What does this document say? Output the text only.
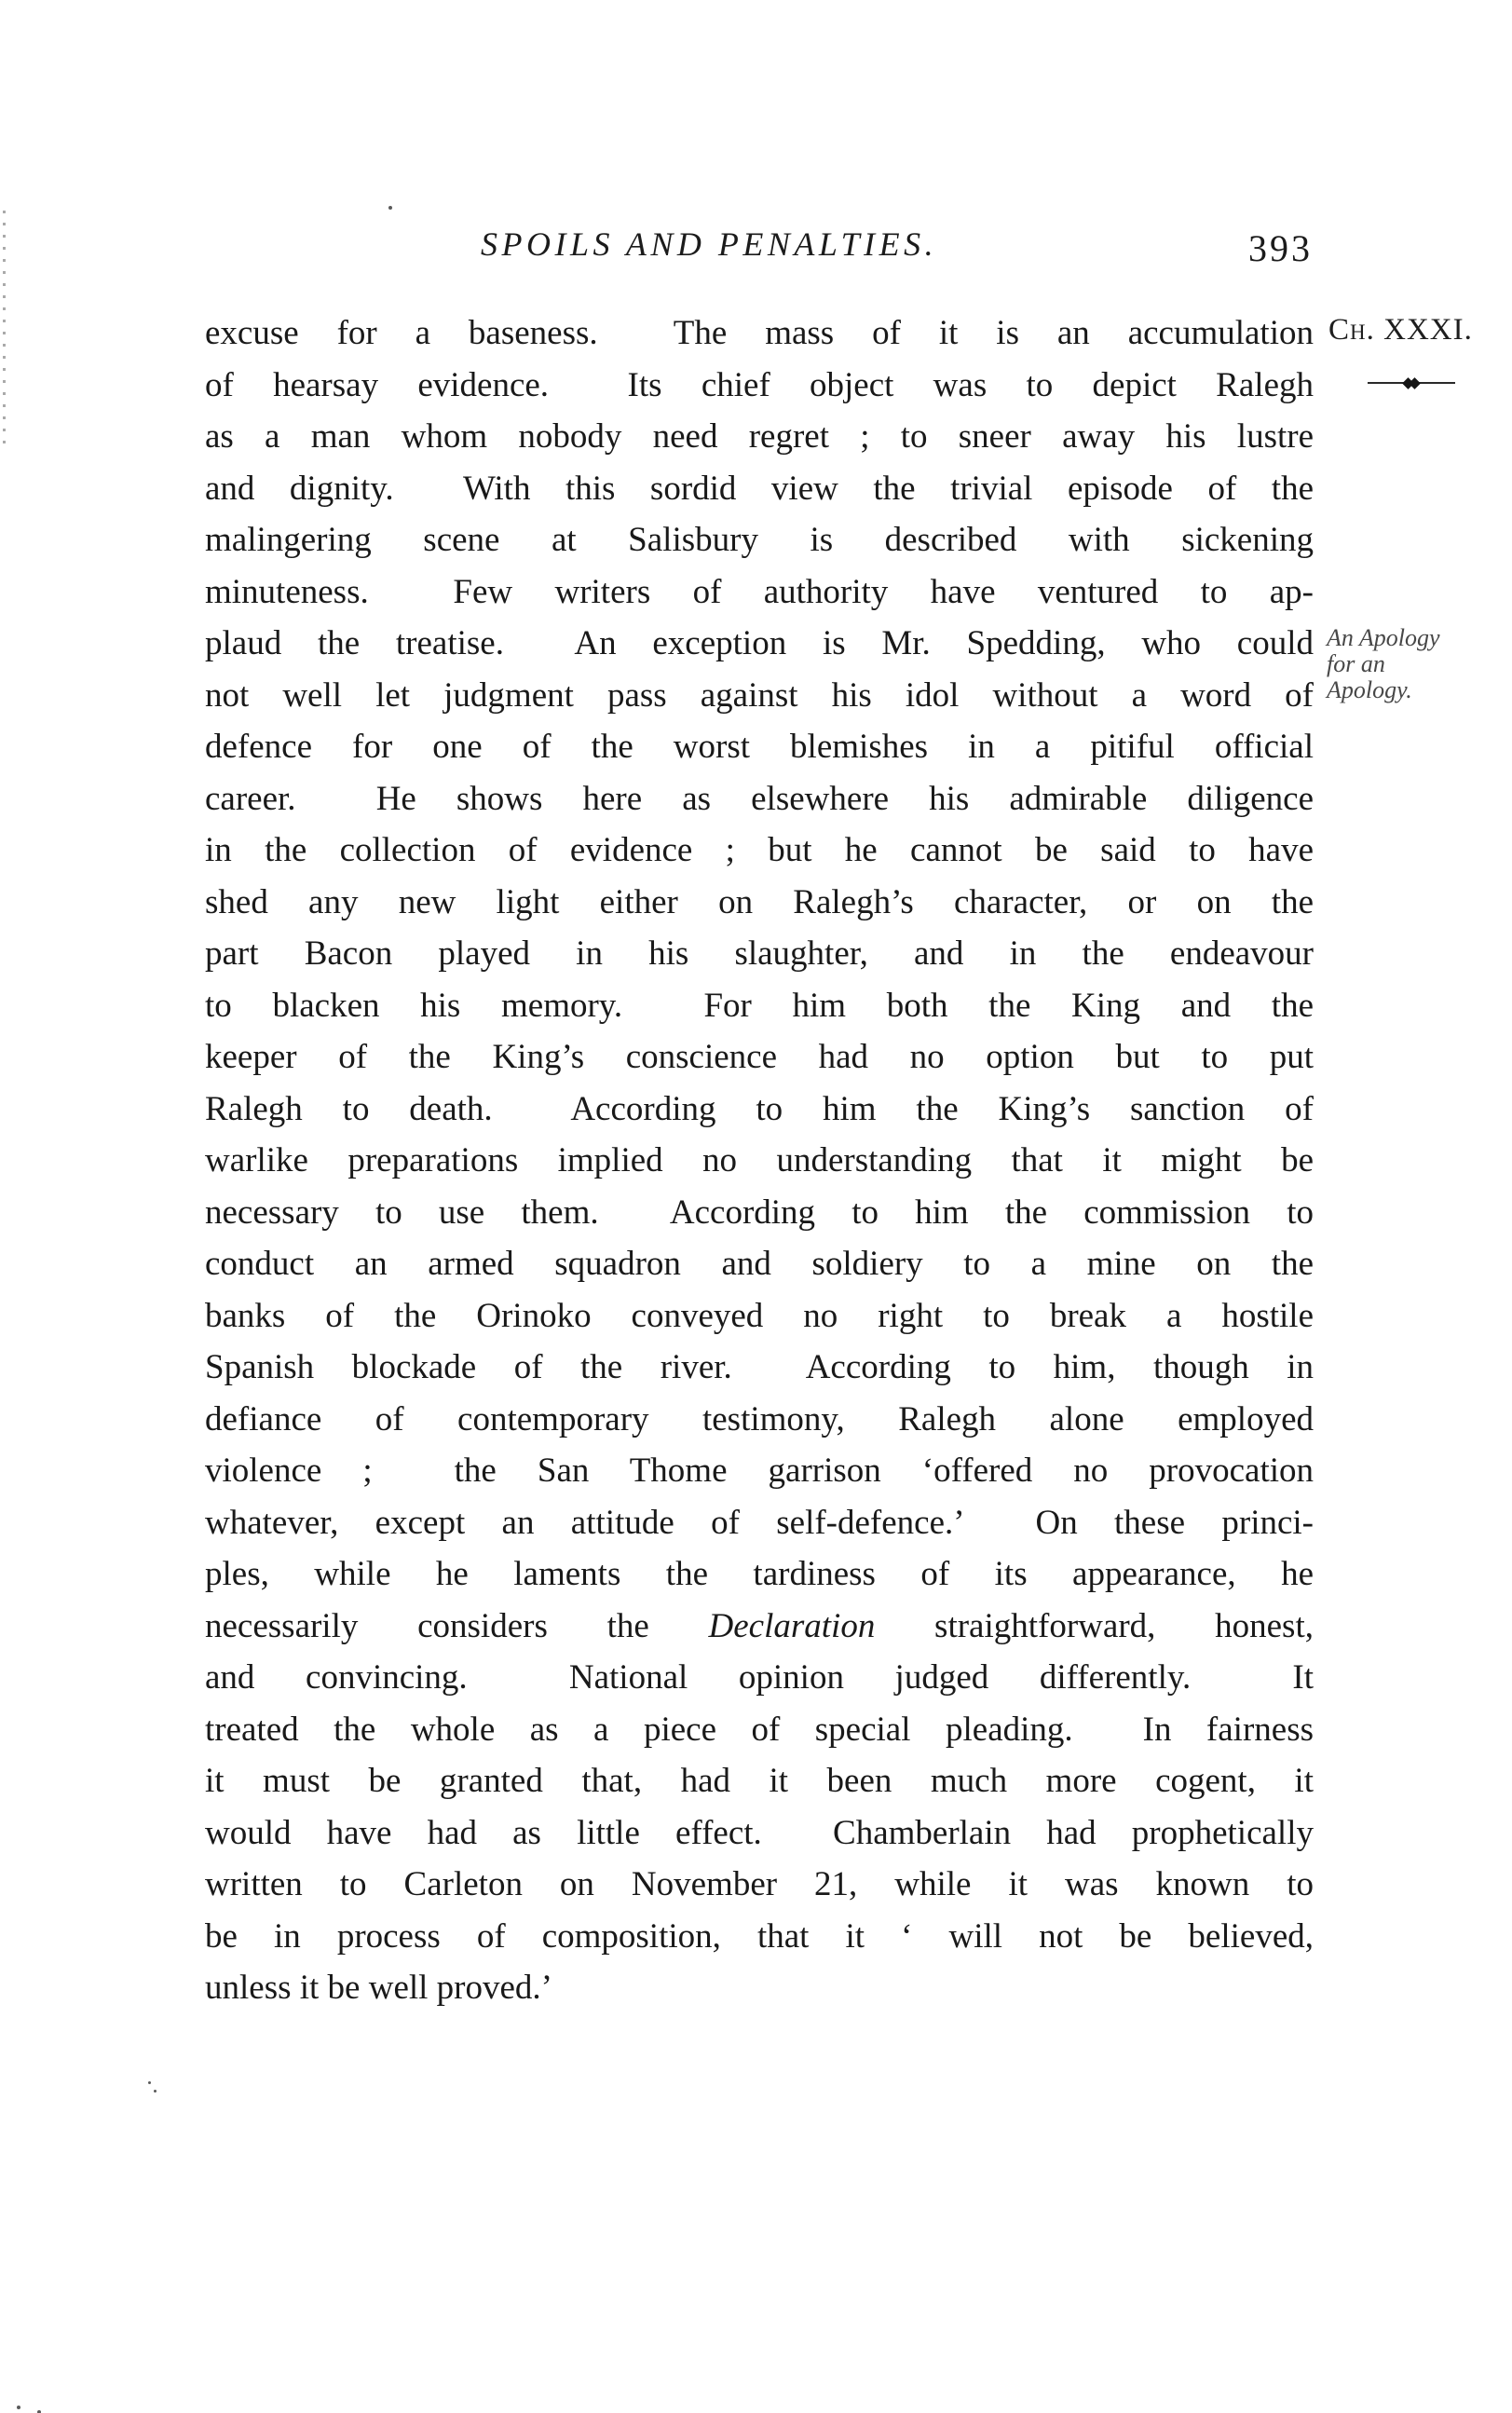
SPOILS AND PENALTIES.	393
Ch. XXXI.
An Apology
for an
Apology.
excuse for a baseness.  The mass of it is an accumulation
of hearsay evidence.  Its chief object was to depict Ralegh
as a man whom nobody need regret ; to sneer away his lustre
and dignity.  With this sordid view the trivial episode of the
malingering scene at Salisbury is described with sickening
minuteness.  Few writers of authority have ventured to ap-
plaud the treatise.  An exception is Mr. Spedding, who could
not well let judgment pass against his idol without a word of
defence for one of the worst blemishes in a pitiful official
career.  He shows here as elsewhere his admirable diligence
in the collection of evidence ; but he cannot be said to have
shed any new light either on Ralegh’s character, or on the
part Bacon played in his slaughter, and in the endeavour
to blacken his memory.  For him both the King and the
keeper of the King’s conscience had no option but to put
Ralegh to death.  According to him the King’s sanction of
warlike preparations implied no understanding that it might be
necessary to use them.  According to him the commission to
conduct an armed squadron and soldiery to a mine on the
banks of the Orinoko conveyed no right to break a hostile
Spanish blockade of the river.  According to him, though in
defiance of contemporary testimony, Ralegh alone employed
violence ;  the San Thome garrison ‘offered no provocation
whatever, except an attitude of self-defence.’  On these princi-
ples, while he laments the tardiness of its appearance, he
necessarily considers the Declaration straightforward, honest,
and convincing.  National opinion judged differently.  It
treated the whole as a piece of special pleading.  In fairness
it must be granted that, had it been much more cogent, it
would have had as little effect.  Chamberlain had prophetically
written to Carleton on November 21, while it was known to
be in process of composition, that it ‘ will not be believed,
unless it be well proved.’
